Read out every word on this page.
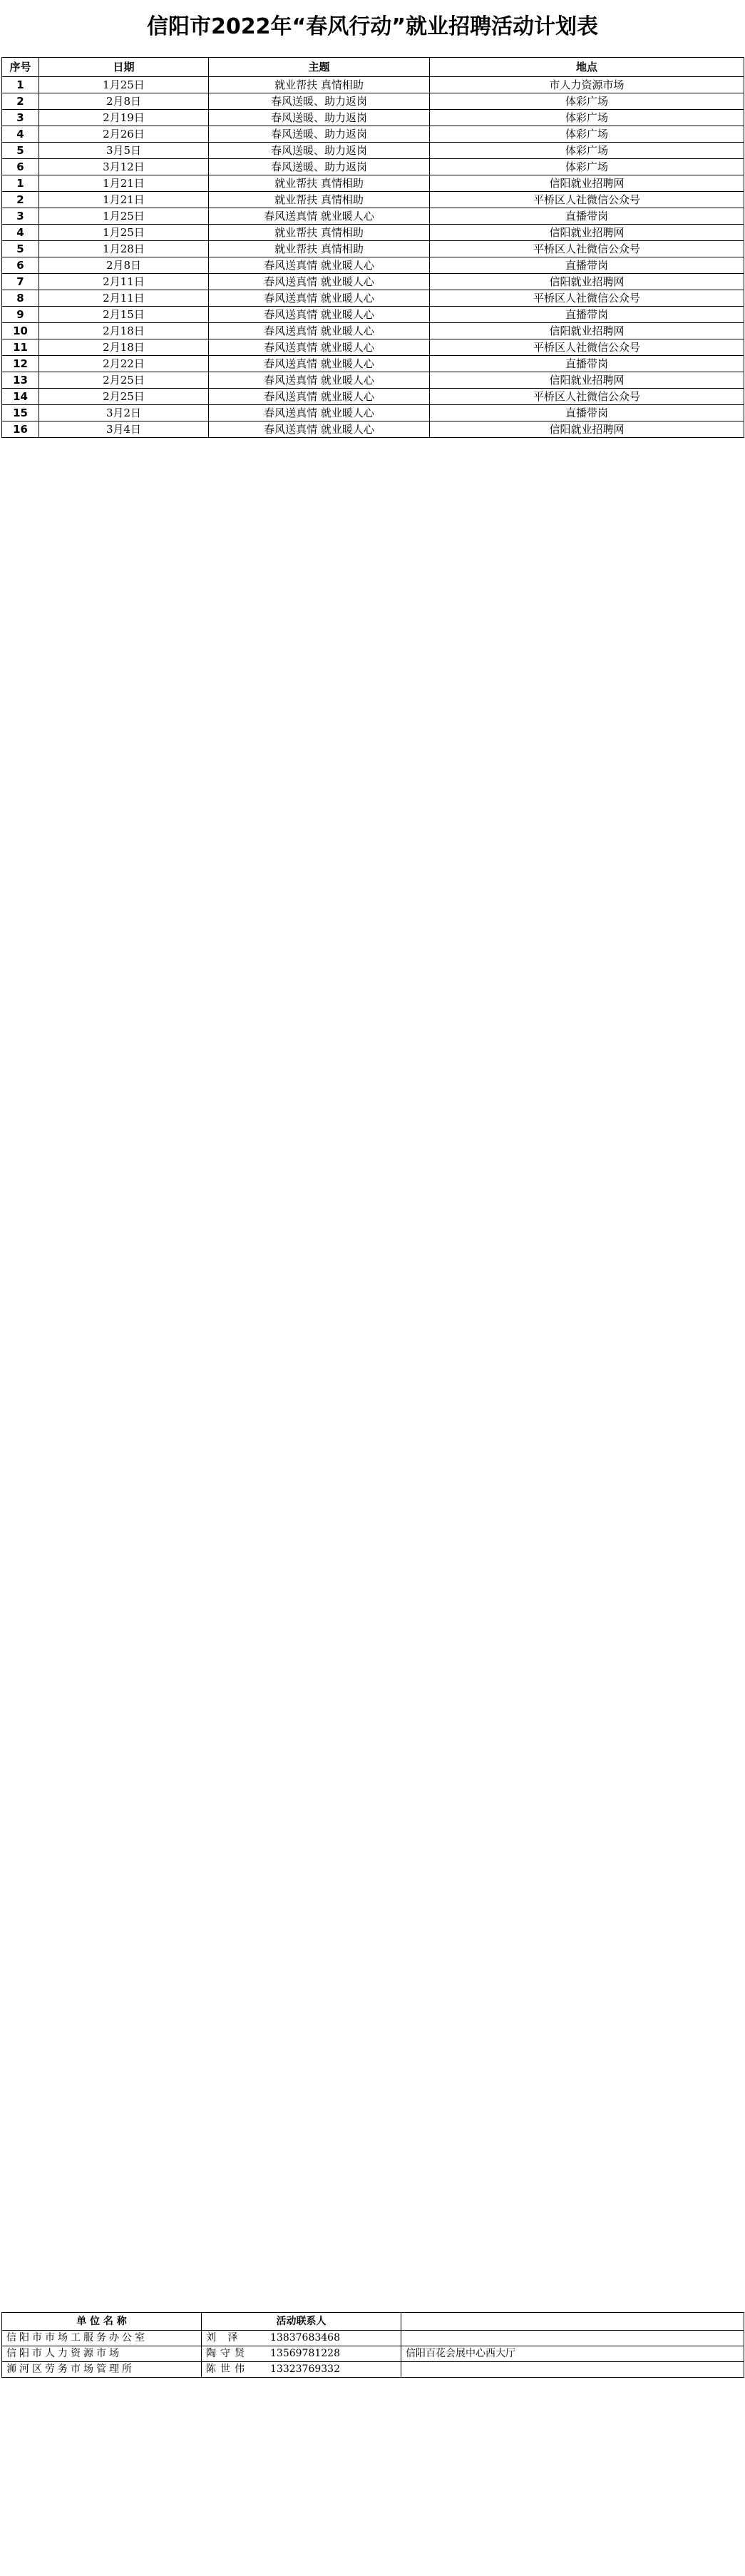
信阳市2022年“春风行动”就业招聘活动计划表
序号	日期	主题	地点
1	1月25日	就业帮扶 真情相助	市人力资源市场
2	2月8日	春风送暖、助力返岗	体彩广场
3	2月19日	春风送暖、助力返岗	体彩广场
4	2月26日	春风送暖、助力返岗	体彩广场
5	3月5日	春风送暖、助力返岗	体彩广场
6	3月12日	春风送暖、助力返岗	体彩广场
1	1月21日	就业帮扶 真情相助	信阳就业招聘网
2	1月21日	就业帮扶 真情相助	平桥区人社微信公众号
3	1月25日	春风送真情 就业暖人心	直播带岗
4	1月25日	就业帮扶 真情相助	信阳就业招聘网
5	1月28日	就业帮扶 真情相助	平桥区人社微信公众号
6	2月8日	春风送真情 就业暖人心	直播带岗
7	2月11日	春风送真情 就业暖人心	信阳就业招聘网
8	2月11日	春风送真情 就业暖人心	平桥区人社微信公众号
9	2月15日	春风送真情 就业暖人心	直播带岗
10	2月18日	春风送真情 就业暖人心	信阳就业招聘网
11	2月18日	春风送真情 就业暖人心	平桥区人社微信公众号
12	2月22日	春风送真情 就业暖人心	直播带岗
13	2月25日	春风送真情 就业暖人心	信阳就业招聘网
14	2月25日	春风送真情 就业暖人心	平桥区人社微信公众号
15	3月2日	春风送真情 就业暖人心	直播带岗
16	3月4日	春风送真情 就业暖人心	信阳就业招聘网
单 位 名 称	活动联系人	
信阳市市场工服务办公室	刘 泽 13837683468	
信阳市人力资源市场	陶守贤 13569781228	信阳百花会展中心西大厅
浉河区劳务市场管理所	陈世伟 13323769332	
